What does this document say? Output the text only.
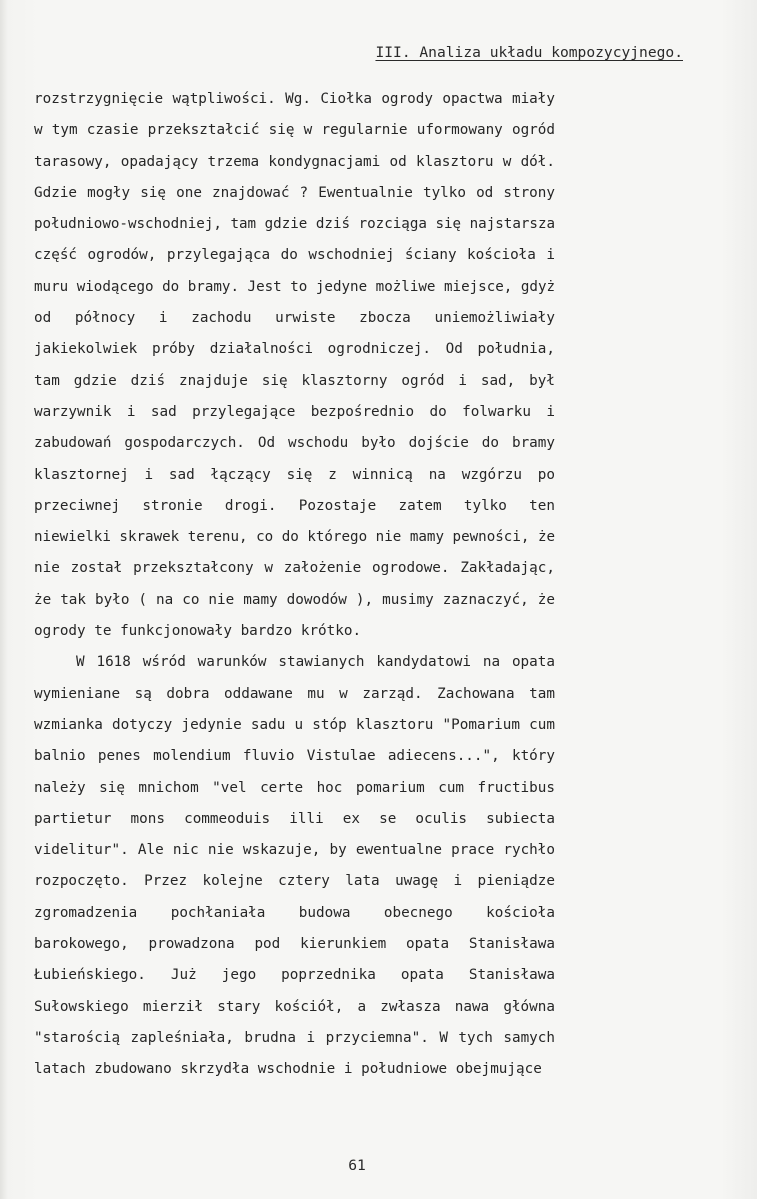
III. Analiza układu kompozycyjnego.
rozstrzygnięcie wątpliwości. Wg. Ciołka ogrody opactwa miały
w tym czasie przekształcić się w regularnie uformowany ogród
tarasowy, opadający trzema kondygnacjami od klasztoru w dół.
Gdzie mogły się one znajdować ? Ewentualnie tylko od strony
południowo-wschodniej, tam gdzie dziś rozciąga się najstarsza
część ogrodów, przylegająca do wschodniej ściany kościoła i
muru wiodącego do bramy. Jest to jedyne możliwe miejsce, gdyż
od północy i zachodu urwiste zbocza uniemożliwiały
jakiekolwiek próby działalności ogrodniczej. Od południa,
tam gdzie dziś znajduje się klasztorny ogród i sad, był
warzywnik i sad przylegające bezpośrednio do folwarku i
zabudowań gospodarczych. Od wschodu było dojście do bramy
klasztornej i sad łączący się z winnicą na wzgórzu po
przeciwnej stronie drogi. Pozostaje zatem tylko ten
niewielki skrawek terenu, co do którego nie mamy pewności, że
nie został przekształcony w założenie ogrodowe. Zakładając,
że tak było ( na co nie mamy dowodów ), musimy zaznaczyć, że
ogrody te funkcjonowały bardzo krótko.
W 1618 wśród warunków stawianych kandydatowi na opata
wymieniane są dobra oddawane mu w zarząd. Zachowana tam
wzmianka dotyczy jedynie sadu u stóp klasztoru "Pomarium cum
balnio penes molendium fluvio Vistulae adiecens...", który
należy się mnichom "vel certe hoc pomarium cum fructibus
partietur mons commeoduis illi ex se oculis subiecta
videlitur". Ale nic nie wskazuje, by ewentualne prace rychło
rozpoczęto. Przez kolejne cztery lata uwagę i pieniądze
zgromadzenia pochłaniała budowa obecnego kościoła
barokowego, prowadzona pod kierunkiem opata Stanisława
Łubieńskiego. Już jego poprzednika opata Stanisława
Sułowskiego mierził stary kościół, a zwłasza nawa główna
"starością zapleśniała, brudna i przyciemna". W tych samych
latach zbudowano skrzydła wschodnie i południowe obejmujące
61
